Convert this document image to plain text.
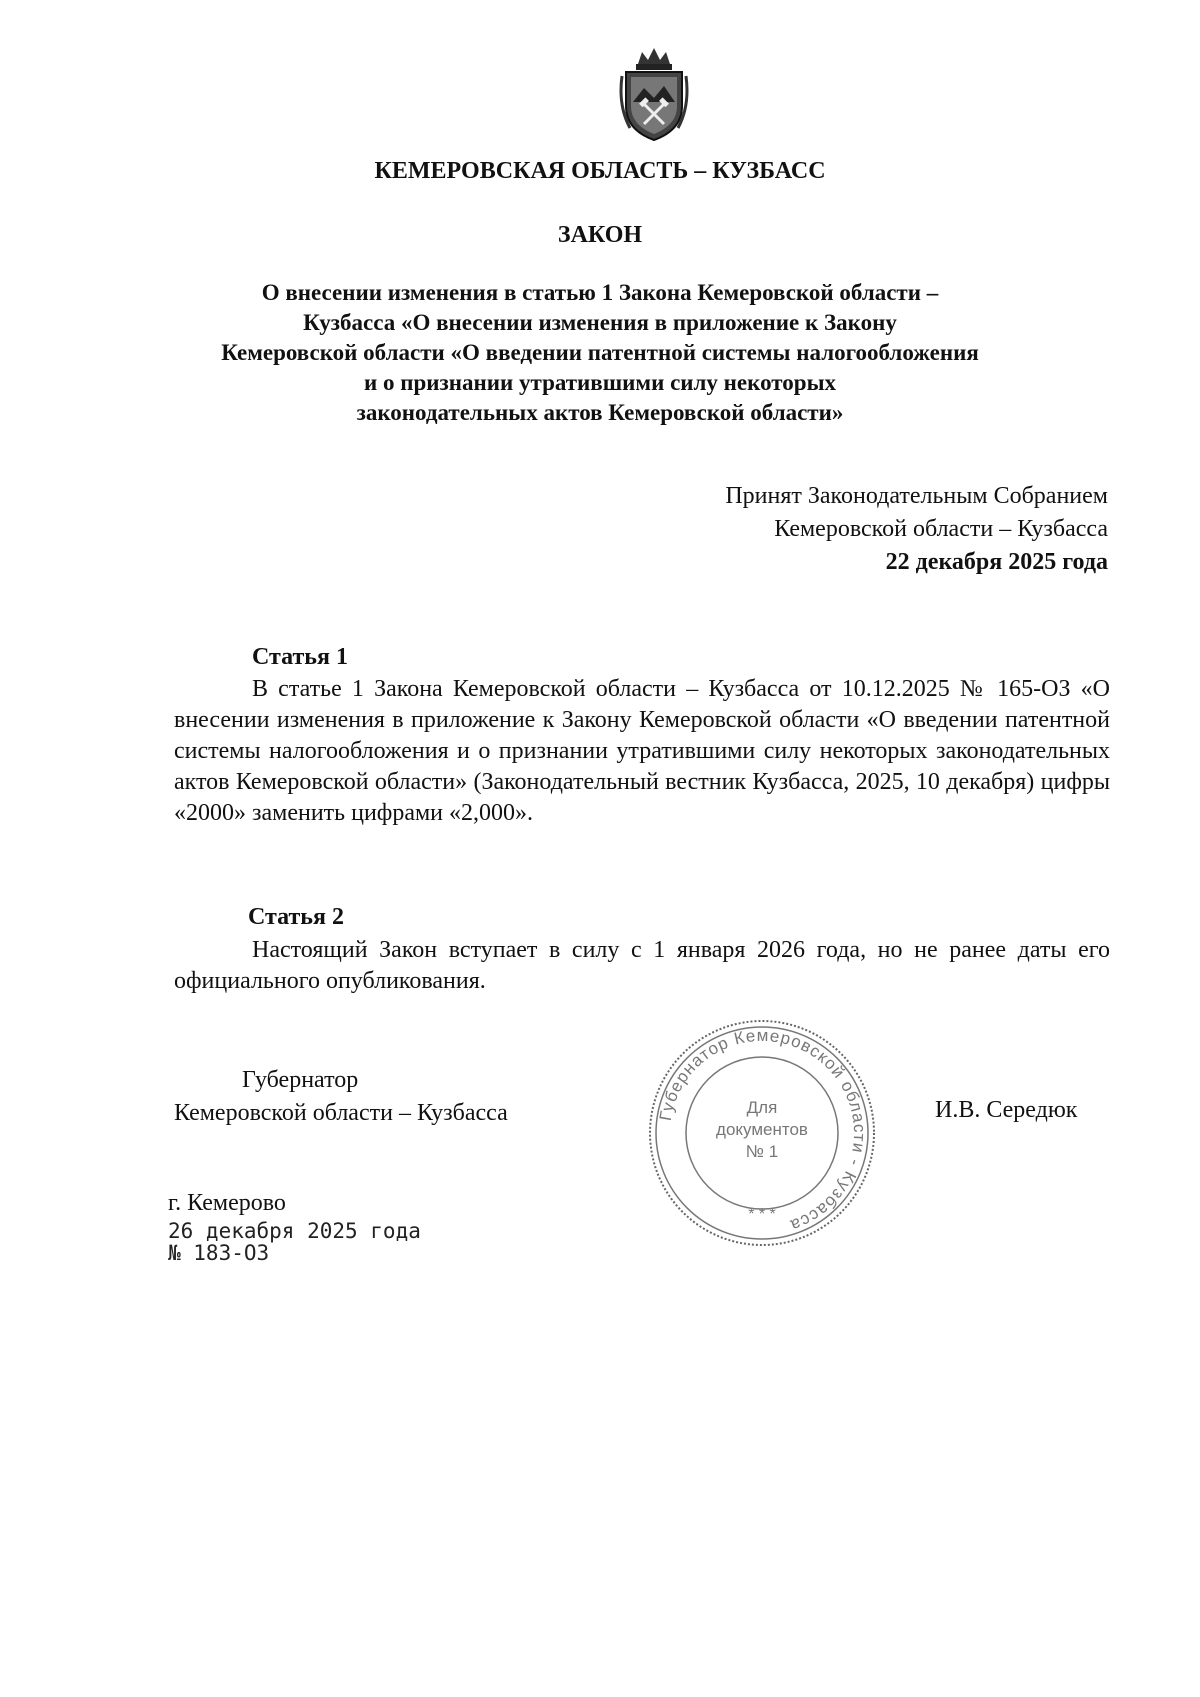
КЕМЕРОВСКАЯ ОБЛАСТЬ – КУЗБАСС
ЗАКОН
О внесении изменения в статью 1 Закона Кемеровской области –
Кузбасса «О внесении изменения в приложение к Закону
Кемеровской области «О введении патентной системы налогообложения
и о признании утратившими силу некоторых
законодательных актов Кемеровской области»
Принят Законодательным Собранием
Кемеровской области – Кузбасса
22 декабря 2025 года
Статья 1
В статье 1 Закона Кемеровской области – Кузбасса от 10.12.2025 № 165-ОЗ «О внесении изменения в приложение к Закону Кемеровской области «О введении патентной системы налогообложения и о признании утратившими силу некоторых законодательных актов Кемеровской области» (Законодательный вестник Кузбасса, 2025, 10 декабря) цифры «2000» заменить цифрами «2,000».
Статья 2
Настоящий Закон вступает в силу с 1 января 2026 года, но не ранее даты его официального опубликования.
Губернатор
Кемеровской области – Кузбасса	И.В. Середюк
Губернатор Кемеровской области - Кузбасса
Для
документов
№ 1
* * *
г. Кемерово
26 декабря 2025 года
№ 183-ОЗ
